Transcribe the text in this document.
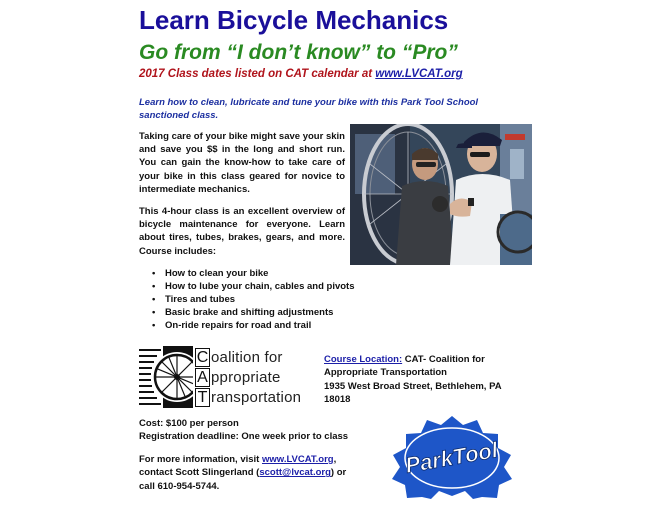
Learn Bicycle Mechanics
Go from “I don’t know” to “Pro”
2017 Class dates listed on CAT calendar at www.LVCAT.org
Learn how to clean, lubricate and tune your bike with this Park Tool School sanctioned class.
Taking care of your bike might save your skin and save you $$ in the long and short run. You can gain the know-how to take care of your bike in this class geared for novice to intermediate mechanics.
This 4-hour class is an excellent overview of bicycle maintenance for everyone. Learn about tires, tubes, brakes, gears, and more. Course includes:
• How to clean your bike
• How to lube your chain, cables and pivots
• Tires and tubes
• Basic brake and shifting adjustments
• On-ride repairs for road and trail
C oalition for
A ppropriate
T ransportation
Course Location: CAT- Coalition for
Appropriate Transportation
1935 West Broad Street, Bethlehem, PA
18018
Cost: $100 per person
Registration deadline: One week prior to class
For more information, visit www.LVCAT.org,
contact Scott Slingerland (scott@lvcat.org) or
call 610-954-5744.
ParkTool
